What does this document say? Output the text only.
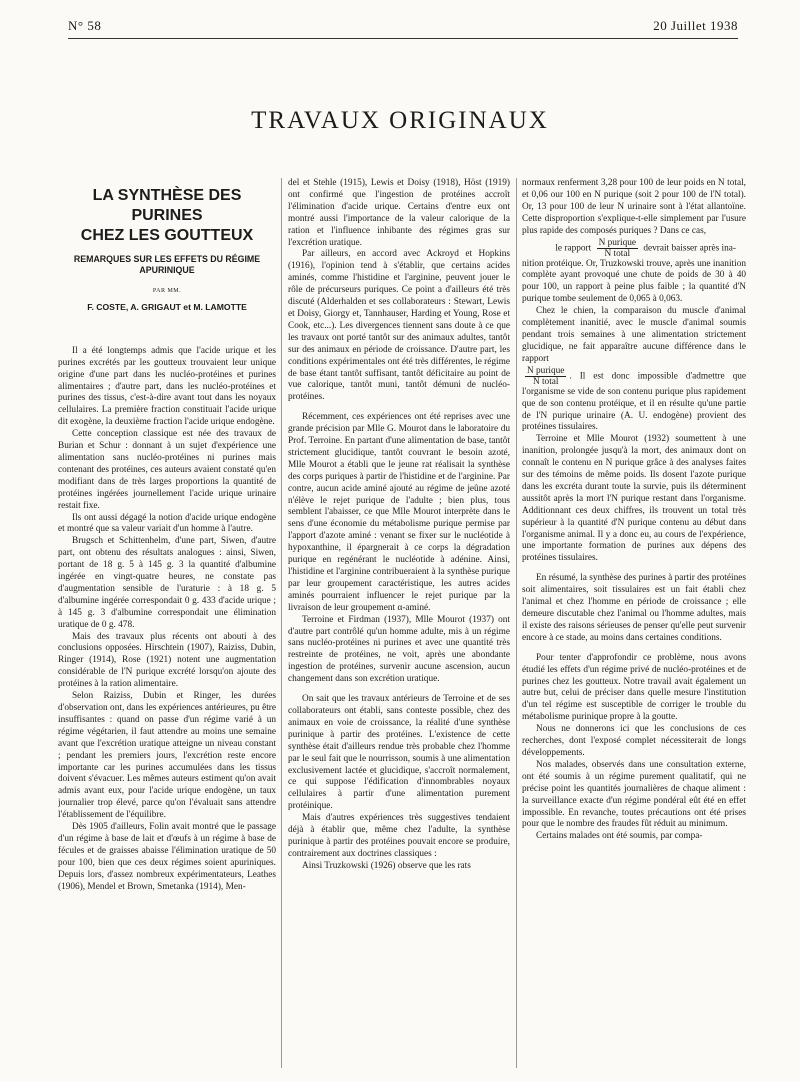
N° 58	20 Juillet 1938
TRAVAUX ORIGINAUX
LA SYNTHÈSE DES PURINES
CHEZ LES GOUTTEUX
REMARQUES SUR LES EFFETS DU RÉGIME
APURINIQUE
PAR MM.
F. COSTE, A. GRIGAUT et M. LAMOTTE

Il a été longtemps admis que l'acide urique et les purines excrétés par les goutteux trouvaient leur unique origine d'une part dans les nucléo-protéines et purines alimentaires ; d'autre part, dans les nucléo-protéines et purines des tissus, c'est-à-dire avant tout dans les noyaux cellulaires. La première fraction constituait l'acide urique dit exogène, la deuxième fraction l'acide urique endogène.

Cette conception classique est née des travaux de Burian et Schur : donnant à un sujet d'expérience une alimentation sans nucléo-protéines ni purines mais contenant des protéines, ces auteurs avaient constaté qu'en modifiant dans de très larges proportions la quantité de protéines ingérées journellement l'acide urique urinaire restait fixe.

Ils ont aussi dégagé la notion d'acide urique endogène et montré que sa valeur variait d'un homme à l'autre.

Brugsch et Schittenhelm, d'une part, Siwen, d'autre part, ont obtenu des résultats analogues : ainsi, Siwen, portant de 18 g. 5 à 145 g. 3 la quantité d'albumine ingérée en vingt-quatre heures, ne constate pas d'augmentation sensible de l'uraturie : à 18 g. 5 d'albumine ingérée correspondait 0 g. 433 d'acide urique ; à 145 g. 3 d'albumine correspondait une élimination uratique de 0 g. 478.

Mais des travaux plus récents ont abouti à des conclusions opposées. Hirschtein (1907), Raiziss, Dubin, Ringer (1914), Rose (1921) notent une augmentation considérable de l'N purique excrété lorsqu'on ajoute des protéines à la ration alimentaire.

Selon Raiziss, Dubin et Ringer, les durées d'observation ont, dans les expériences antérieures, pu être insuffisantes : quand on passe d'un régime varié à un régime végétarien, il faut attendre au moins une semaine avant que l'excrétion uratique atteigne un niveau constant ; pendant les premiers jours, l'excrétion reste encore importante car les purines accumulées dans les tissus doivent s'évacuer. Les mêmes auteurs estiment qu'on avait admis avant eux, pour l'acide urique endogène, un taux journalier trop élevé, parce qu'on l'évaluait sans attendre l'établissement de l'équilibre.

Dès 1905 d'ailleurs, Folin avait montré que le passage d'un régime à base de lait et d'œufs à un régime à base de fécules et de graisses abaisse l'élimination uratique de 50 pour 100, bien que ces deux régimes soient apuriniques. Depuis lors, d'assez nombreux expérimentateurs, Leathes (1906), Mendel et Brown, Smetanka (1914), Men-

del et Stehle (1915), Lewis et Doisy (1918), Höst (1919) ont confirmé que l'ingestion de protéines accroît l'élimination d'acide urique. Certains d'entre eux ont montré aussi l'importance de la valeur calorique de la ration et l'influence inhibante des régimes gras sur l'excrétion uratique.

Par ailleurs, en accord avec Ackroyd et Hopkins (1916), l'opinion tend à s'établir, que certains acides aminés, comme l'histidine et l'arginine, peuvent jouer le rôle de précurseurs puriques. Ce point a d'ailleurs été très discuté (Alderhalden et ses collaborateurs : Stewart, Lewis et Doisy, Giorgy et, Tannhauser, Harding et Young, Rose et Cook, etc...). Les divergences tiennent sans doute à ce que les travaux ont porté tantôt sur des animaux adultes, tantôt sur des animaux en période de croissance. D'autre part, les conditions expérimentales ont été très différentes, le régime de base étant tantôt suffisant, tantôt déficitaire au point de vue calorique, tantôt muni, tantôt démuni de nucléo-protéines.

Récemment, ces expériences ont été reprises avec une grande précision par Mlle G. Mourot dans le laboratoire du Prof. Terroine. En partant d'une alimentation de base, tantôt strictement glucidique, tantôt couvrant le besoin azoté, Mlle Mourot a établi que le jeune rat réalisait la synthèse des corps puriques à partir de l'histidine et de l'arginine. Par contre, aucun acide aminé ajouté au régime de jeûne azoté n'élève le rejet purique de l'adulte ; bien plus, tous semblent l'abaisser, ce que Mlle Mourot interprète dans le sens d'une économie du métabolisme purique permise par l'apport d'azote aminé : venant se fixer sur le nucléotide à hypoxanthine, il épargnerait à ce corps la dégradation purique en regénérant le nucléotide à adénine. Ainsi, l'histidine et l'arginine contribueraient à la synthèse purique par leur groupement caractéristique, les autres acides aminés pourraient influencer le rejet purique par la livraison de leur groupement α-aminé.

Terroine et Firdman (1937), Mlle Mourot (1937) ont d'autre part contrôlé qu'un homme adulte, mis à un régime sans nucléo-protéines ni purines et avec une quantité très restreinte de protéines, ne voit, après une abondante ingestion de protéines, survenir aucune ascension, aucun changement dans son excrétion uratique.

On sait que les travaux antérieurs de Terroine et de ses collaborateurs ont établi, sans conteste possible, chez des animaux en voie de croissance, la réalité d'une synthèse purinique à partir des protéines. L'existence de cette synthèse était d'ailleurs rendue très probable chez l'homme par le seul fait que le nourrisson, soumis à une alimentation exclusivement lactée et glucidique, s'accroît normalement, ce qui suppose l'édification d'innombrables noyaux cellulaires à partir d'une alimentation purement protéinique.

Mais d'autres expériences très suggestives tendaient déjà à établir que, même chez l'adulte, la synthèse purinique à partir des protéines pouvait encore se produire, contrairement aux doctrines classiques :

Ainsi Truzkowski (1926) observe que les rats

normaux renferment 3,28 pour 100 de leur poids en N total, et 0,06 our 100 en N purique (soit 2 pour 100 de l'N total). Or, 13 pour 100 de leur N urinaire sont à l'état allantoïne. Cette disproportion s'explique-t-elle simplement par l'usure plus rapide des composés puriques ? Dans ce cas,

le rapport $\frac{\text{N purique}}{\text{N total}}$ devrait baisser après ina-

nition protéique. Or, Truzkowski trouve, après une inanition complète ayant provoqué une chute de poids de 30 à 40 pour 100, un rapport à peine plus faible ; la quantité d'N purique tombe seulement de 0,065 à 0,063.

Chez le chien, la comparaison du muscle d'animal complètement inanitié, avec le muscle d'animal soumis pendant trois semaines à une alimentation strictement glucidique, ne fait apparaître aucune différence dans le rapport

$\frac{\text{N purique}}{\text{N total}}$ . Il est donc impossible d'admettre que l'organisme se vide de son contenu purique plus rapidement que de son contenu protéique, et il en résulte qu'une partie de l'N purique urinaire (A. U. endogène) provient des protéines tissulaires.

Terroine et Mlle Mourot (1932) soumettent à une inanition, prolongée jusqu'à la mort, des animaux dont on connaît le contenu en N purique grâce à des analyses faites sur des témoins de même poids. Ils dosent l'azote purique dans les excréta durant toute la survie, puis ils déterminent aussitôt après la mort l'N purique restant dans l'organisme. Additionnant ces deux chiffres, ils trouvent un total très supérieur à la quantité d'N purique contenu au début dans l'organisme animal. Il y a donc eu, au cours de l'expérience, une importante formation de purines aux dépens des protéines tissulaires.

En résumé, la synthèse des purines à partir des protéines soit alimentaires, soit tissulaires est un fait établi chez l'animal et chez l'homme en période de croissance ; elle demeure discutable chez l'animal ou l'homme adultes, mais il existe des raisons sérieuses de penser qu'elle peut survenir encore à ce stade, au moins dans certaines conditions.

Pour tenter d'approfondir ce problème, nous avons étudié les effets d'un régime privé de nucléo-protéines et de purines chez les goutteux. Notre travail avait également un autre but, celui de préciser dans quelle mesure l'institution d'un tel régime est susceptible de corriger le trouble du métabolisme purinique propre à la goutte.

Nous ne donnerons ici que les conclusions de ces recherches, dont l'exposé complet nécessiterait de longs développements.

Nos malades, observés dans une consultation externe, ont été soumis à un régime purement qualitatif, qui ne précise point les quantités journalières de chaque aliment : la surveillance exacte d'un régime pondéral eût été en effet impossible. En revanche, toutes précautions ont été prises pour que le nombre des fraudes fût réduit au minimum.

Certains malades ont été soumis, par compa-
